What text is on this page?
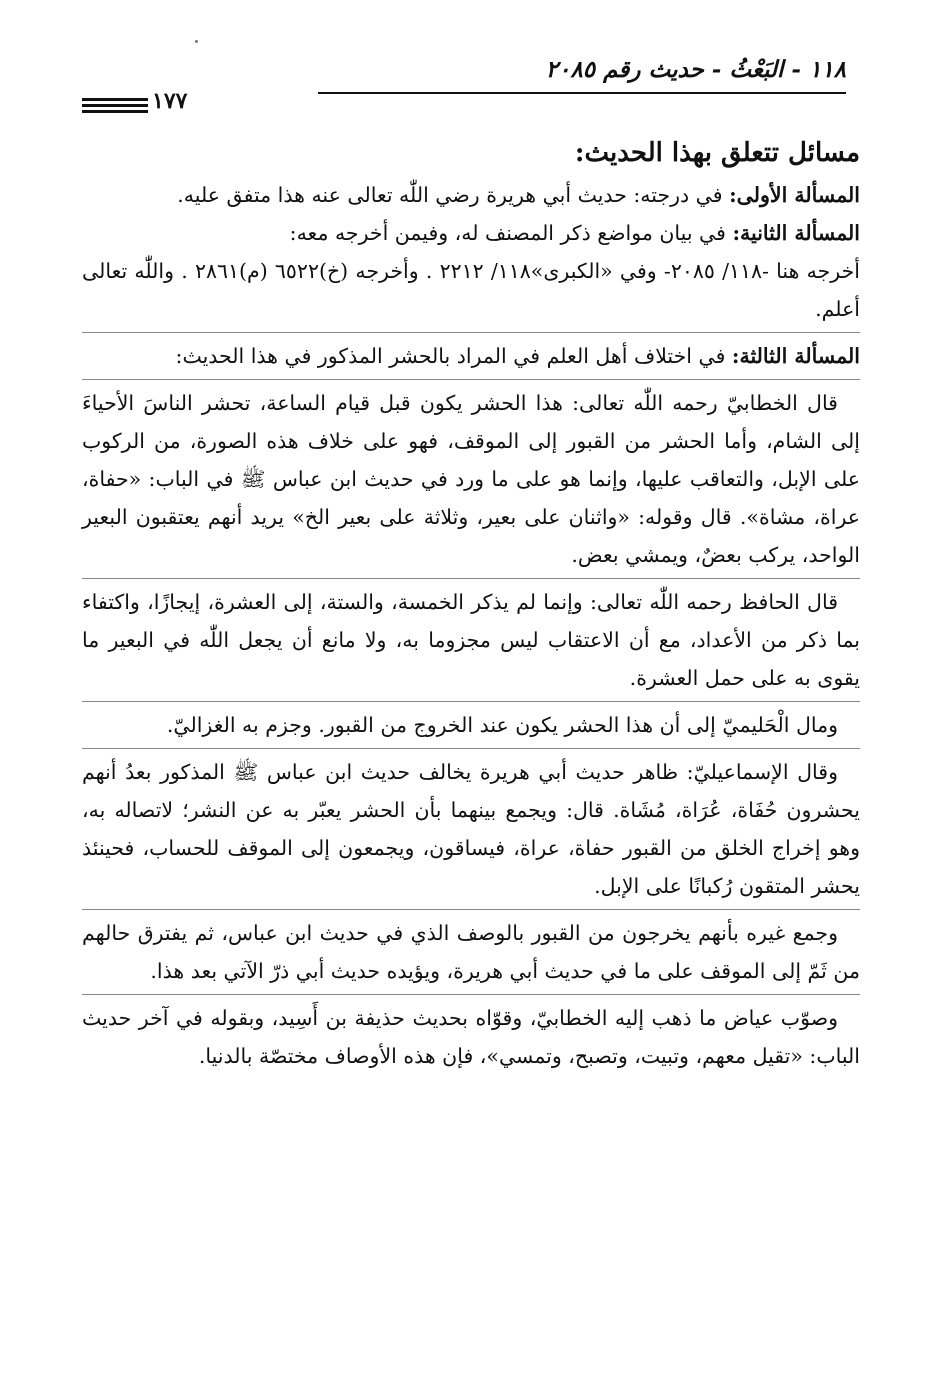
١١٨ - البَعْثُ - حديث رقم ٢٠٨٥
١٧٧
مسائل تتعلق بهذا الحديث:

المسألة الأولى: في درجته: حديث أبي هريرة رضي اللّٰه تعالى عنه هذا متفق عليه.

المسألة الثانية: في بيان مواضع ذكر المصنف له، وفيمن أخرجه معه:

أخرجه هنا -١١٨/ ٢٠٨٥- وفي «الكبرى»١١٨/ ٢٢١٢ . وأخرجه (خ)٦٥٢٢ (م)٢٨٦١ . واللّٰه تعالى أعلم.

المسألة الثالثة: في اختلاف أهل العلم في المراد بالحشر المذكور في هذا الحديث:

قال الخطابيّ رحمه اللّٰه تعالى: هذا الحشر يكون قبل قيام الساعة، تحشر الناسَ الأحياءَ إلى الشام، وأما الحشر من القبور إلى الموقف، فهو على خلاف هذه الصورة، من الركوب على الإبل، والتعاقب عليها، وإنما هو على ما ورد في حديث ابن عباس ﷺ في الباب: «حفاة، عراة، مشاة». قال وقوله: «واثنان على بعير، وثلاثة على بعير الخ» يريد أنهم يعتقبون البعير الواحد، يركب بعضٌ، ويمشي بعض.

قال الحافظ رحمه اللّٰه تعالى: وإنما لم يذكر الخمسة، والستة، إلى العشرة، إيجازًا، واكتفاء بما ذكر من الأعداد، مع أن الاعتقاب ليس مجزوما به، ولا مانع أن يجعل اللّٰه في البعير ما يقوى به على حمل العشرة.

ومال الْحَليميّ إلى أن هذا الحشر يكون عند الخروج من القبور. وجزم به الغزاليّ.

وقال الإسماعيليّ: ظاهر حديث أبي هريرة يخالف حديث ابن عباس ﷺ المذكور بعدُ أنهم يحشرون حُفَاة، عُرَاة، مُشَاة. قال: ويجمع بينهما بأن الحشر يعبّر به عن النشر؛ لاتصاله به، وهو إخراج الخلق من القبور حفاة، عراة، فيساقون، ويجمعون إلى الموقف للحساب، فحينئذ يحشر المتقون رُكبانًا على الإبل.

وجمع غيره بأنهم يخرجون من القبور بالوصف الذي في حديث ابن عباس، ثم يفترق حالهم من ثَمّ إلى الموقف على ما في حديث أبي هريرة، ويؤيده حديث أبي ذرّ الآتي بعد هذا.

وصوّب عياض ما ذهب إليه الخطابيّ، وقوّاه بحديث حذيفة بن أَسِيد، وبقوله في آخر حديث الباب: «تقيل معهم، وتبيت، وتصبح، وتمسي»، فإن هذه الأوصاف مختصّة بالدنيا.
